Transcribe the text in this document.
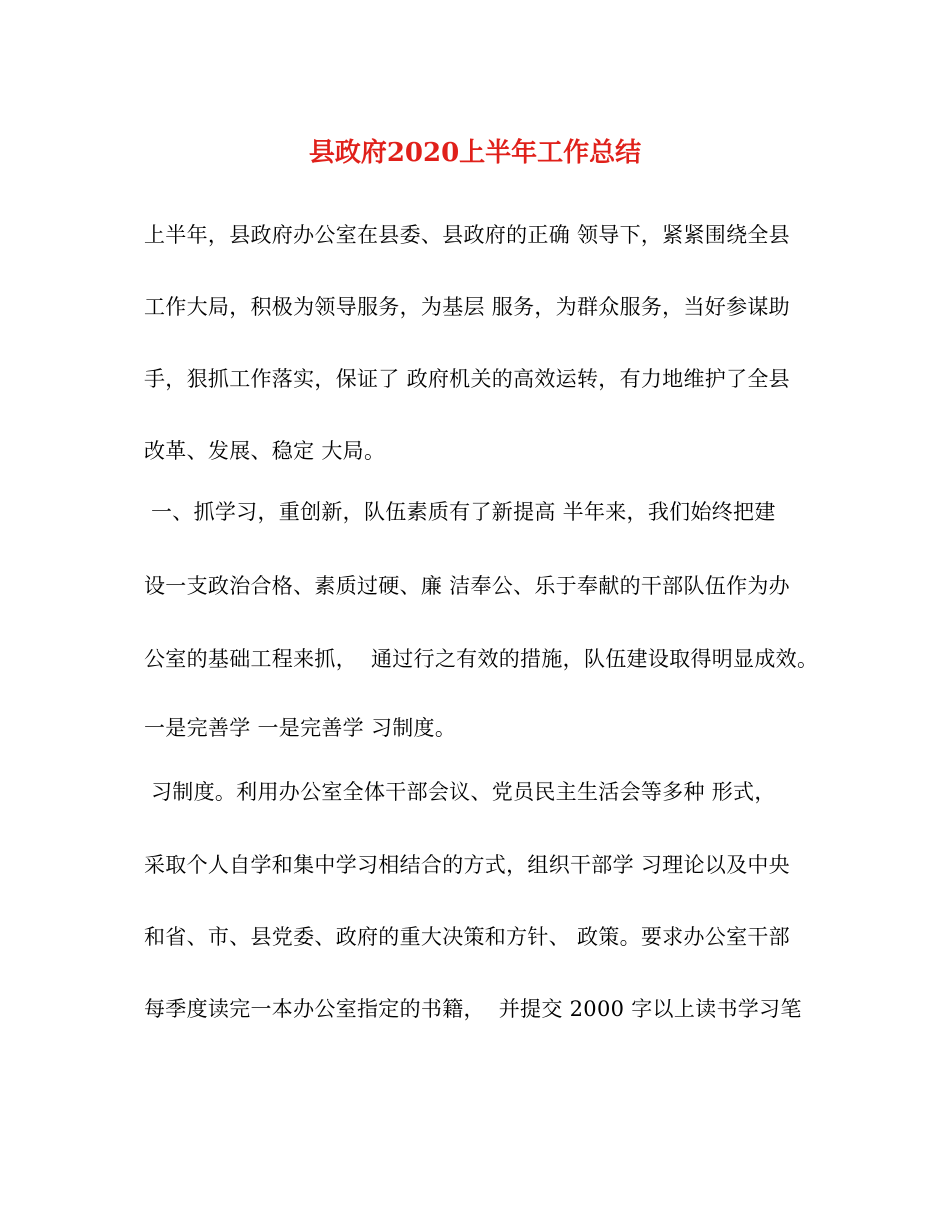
县政府2020上半年工作总结
上半年，县政府办公室在县委、县政府的正确 领导下，紧紧围绕全县
工作大局，积极为领导服务，为基层 服务，为群众服务，当好参谋助
手，狠抓工作落实，保证了 政府机关的高效运转，有力地维护了全县
改革、发展、稳定 大局。
一、抓学习，重创新，队伍素质有了新提高 半年来，我们始终把建
设一支政治合格、素质过硬、廉 洁奉公、乐于奉献的干部队伍作为办
公室的基础工程来抓，  通过行之有效的措施，队伍建设取得明显成效。
一是完善学 一是完善学 习制度。
习制度。利用办公室全体干部会议、党员民主生活会等多种 形式，
采取个人自学和集中学习相结合的方式，组织干部学 习理论以及中央
和省、市、县党委、政府的重大决策和方针、 政策。要求办公室干部
每季度读完一本办公室指定的书籍，  并提交 2000 字以上读书学习笔
